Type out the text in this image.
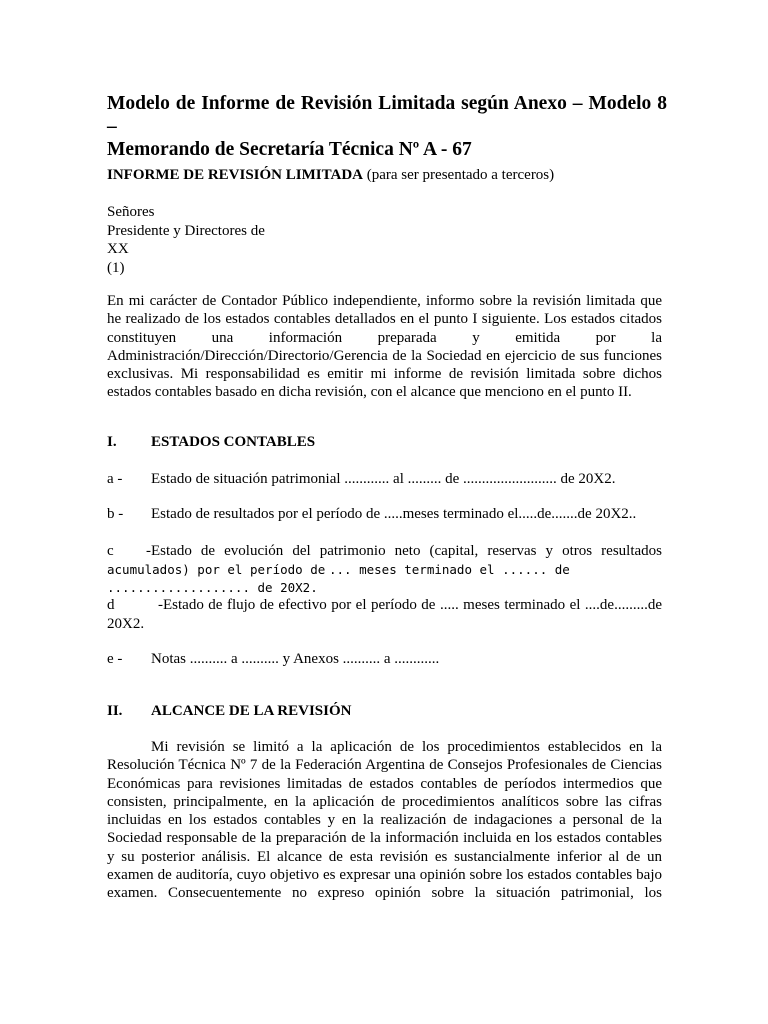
Modelo de Informe de Revisión Limitada según Anexo – Modelo 8 –
Memorando de Secretaría Técnica Nº A - 67
INFORME DE REVISIÓN LIMITADA (para ser presentado a terceros)
Señores
Presidente y Directores de
XX
(1)

En mi carácter de Contador Público independiente, informo sobre la revisión limitada que
he realizado de los estados contables detallados en el punto I siguiente. Los estados citados
constituyen una información preparada y emitida por la
Administración/Dirección/Directorio/Gerencia de la Sociedad en ejercicio de sus funciones
exclusivas. Mi responsabilidad es emitir mi informe de revisión limitada sobre dichos
estados contables basado en dicha revisión, con el alcance que menciono en el punto II.

I. ESTADOS CONTABLES
a - Estado de situación patrimonial ............ al ......... de ......................... de 20X2.
b - Estado de resultados por el período de .....meses terminado el.....de.......de 20X2..
c -Estado de evolución del patrimonio neto (capital, reservas y otros resultados
acumulados) por el período de ... meses terminado el ...... de ................... de 20X2.
d -Estado de flujo de efectivo por el período de ..... meses terminado el ....de.........de
20X2.
e - Notas .......... a .......... y Anexos .......... a ............
II. ALCANCE DE LA REVISIÓN

Mi revisión se limitó a la aplicación de los procedimientos establecidos en la
Resolución Técnica Nº 7 de la Federación Argentina de Consejos Profesionales de Ciencias
Económicas para revisiones limitadas de estados contables de períodos intermedios que
consisten, principalmente, en la aplicación de procedimientos analíticos sobre las cifras
incluidas en los estados contables y en la realización de indagaciones a personal de la
Sociedad responsable de la preparación de la información incluida en los estados contables
y su posterior análisis. El alcance de esta revisión es sustancialmente inferior al de un
examen de auditoría, cuyo objetivo es expresar una opinión sobre los estados contables bajo
examen. Consecuentemente no expreso opinión sobre la situación patrimonial, los
